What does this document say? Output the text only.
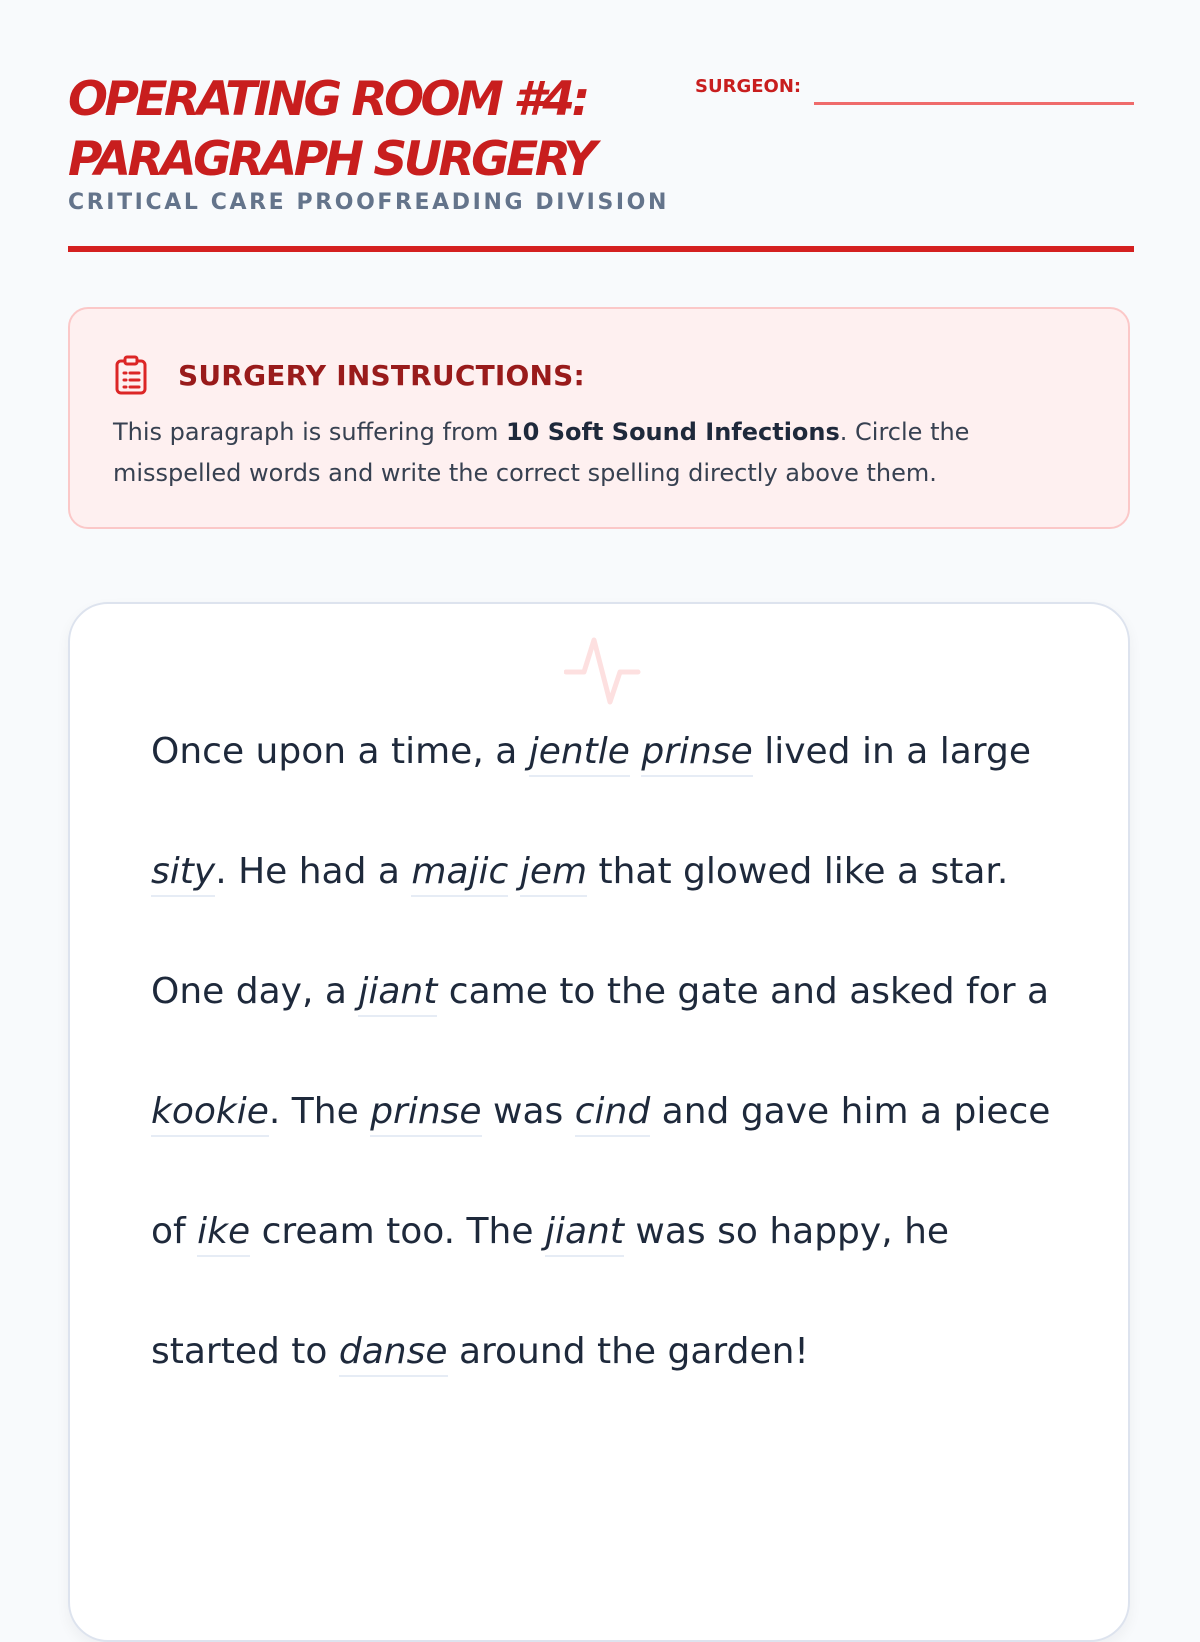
OPERATING ROOM #4:
PARAGRAPH SURGERY
CRITICAL CARE PROOFREADING DIVISION
SURGEON:
SURGERY INSTRUCTIONS:
This paragraph is suffering from 10 Soft Sound Infections. Circle the misspelled words and write the correct spelling directly above them.

Once upon a time, a jentle prinse lived in a large sity. He had a majic jem that glowed like a star. One day, a jiant came to the gate and asked for a kookie. The prinse was cind and gave him a piece of ike cream too. The jiant was so happy, he started to danse around the garden!
